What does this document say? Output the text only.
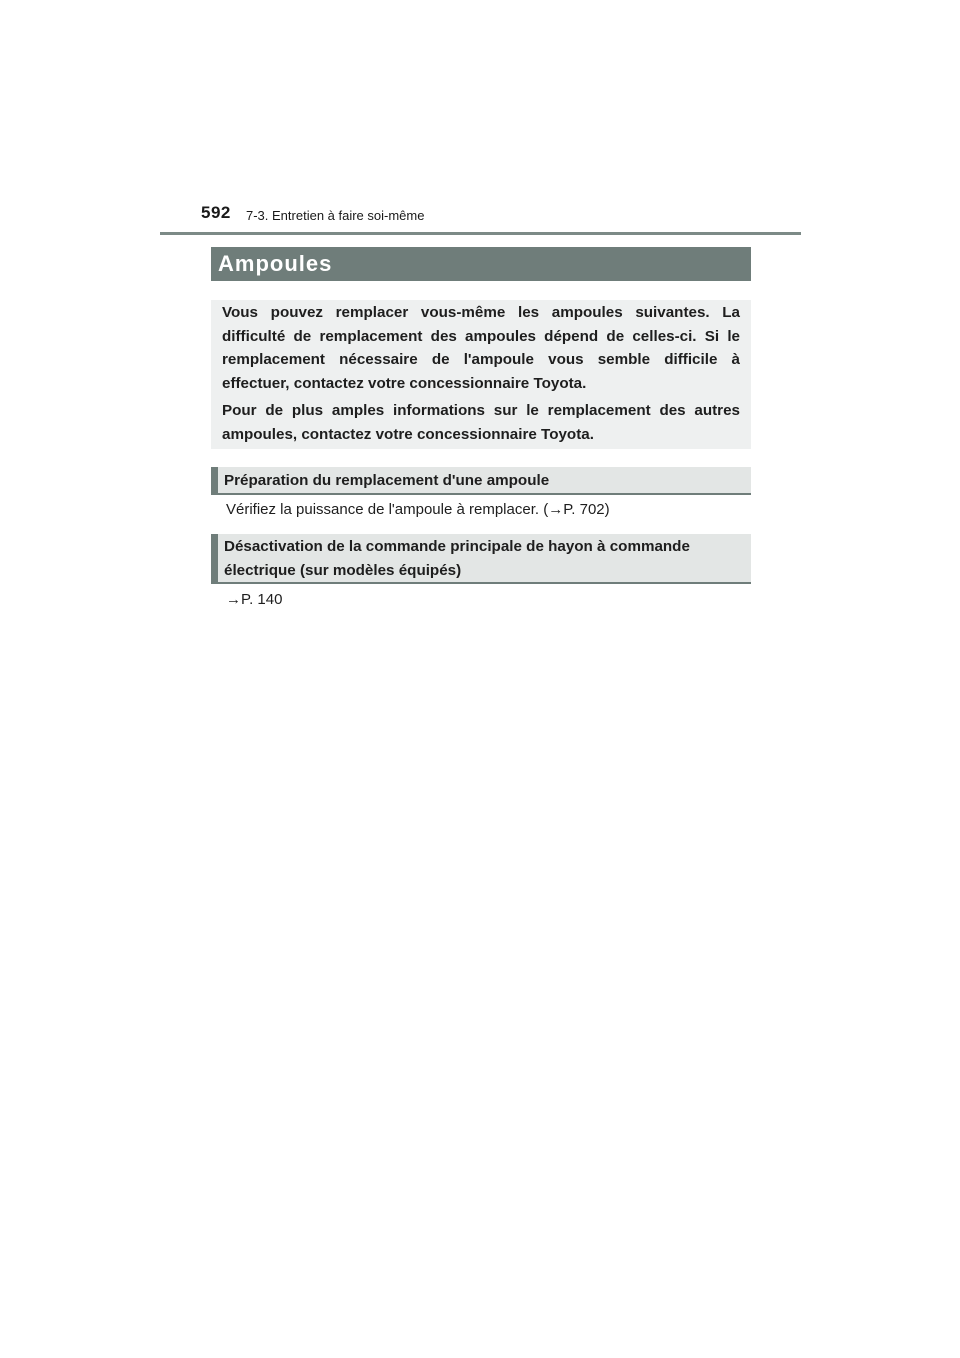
592 7-3. Entretien à faire soi-même
Ampoules

Vous pouvez remplacer vous-même les ampoules suivantes. La difficulté de remplacement des ampoules dépend de celles-ci. Si le remplacement nécessaire de l'ampoule vous semble difficile à effectuer, contactez votre concessionnaire Toyota.

Pour de plus amples informations sur le remplacement des autres ampoules, contactez votre concessionnaire Toyota.

Préparation du remplacement d'une ampoule
Vérifiez la puissance de l'ampoule à remplacer. (→P. 702)
Désactivation de la commande principale de hayon à commande électrique (sur modèles équipés)
→P. 140
